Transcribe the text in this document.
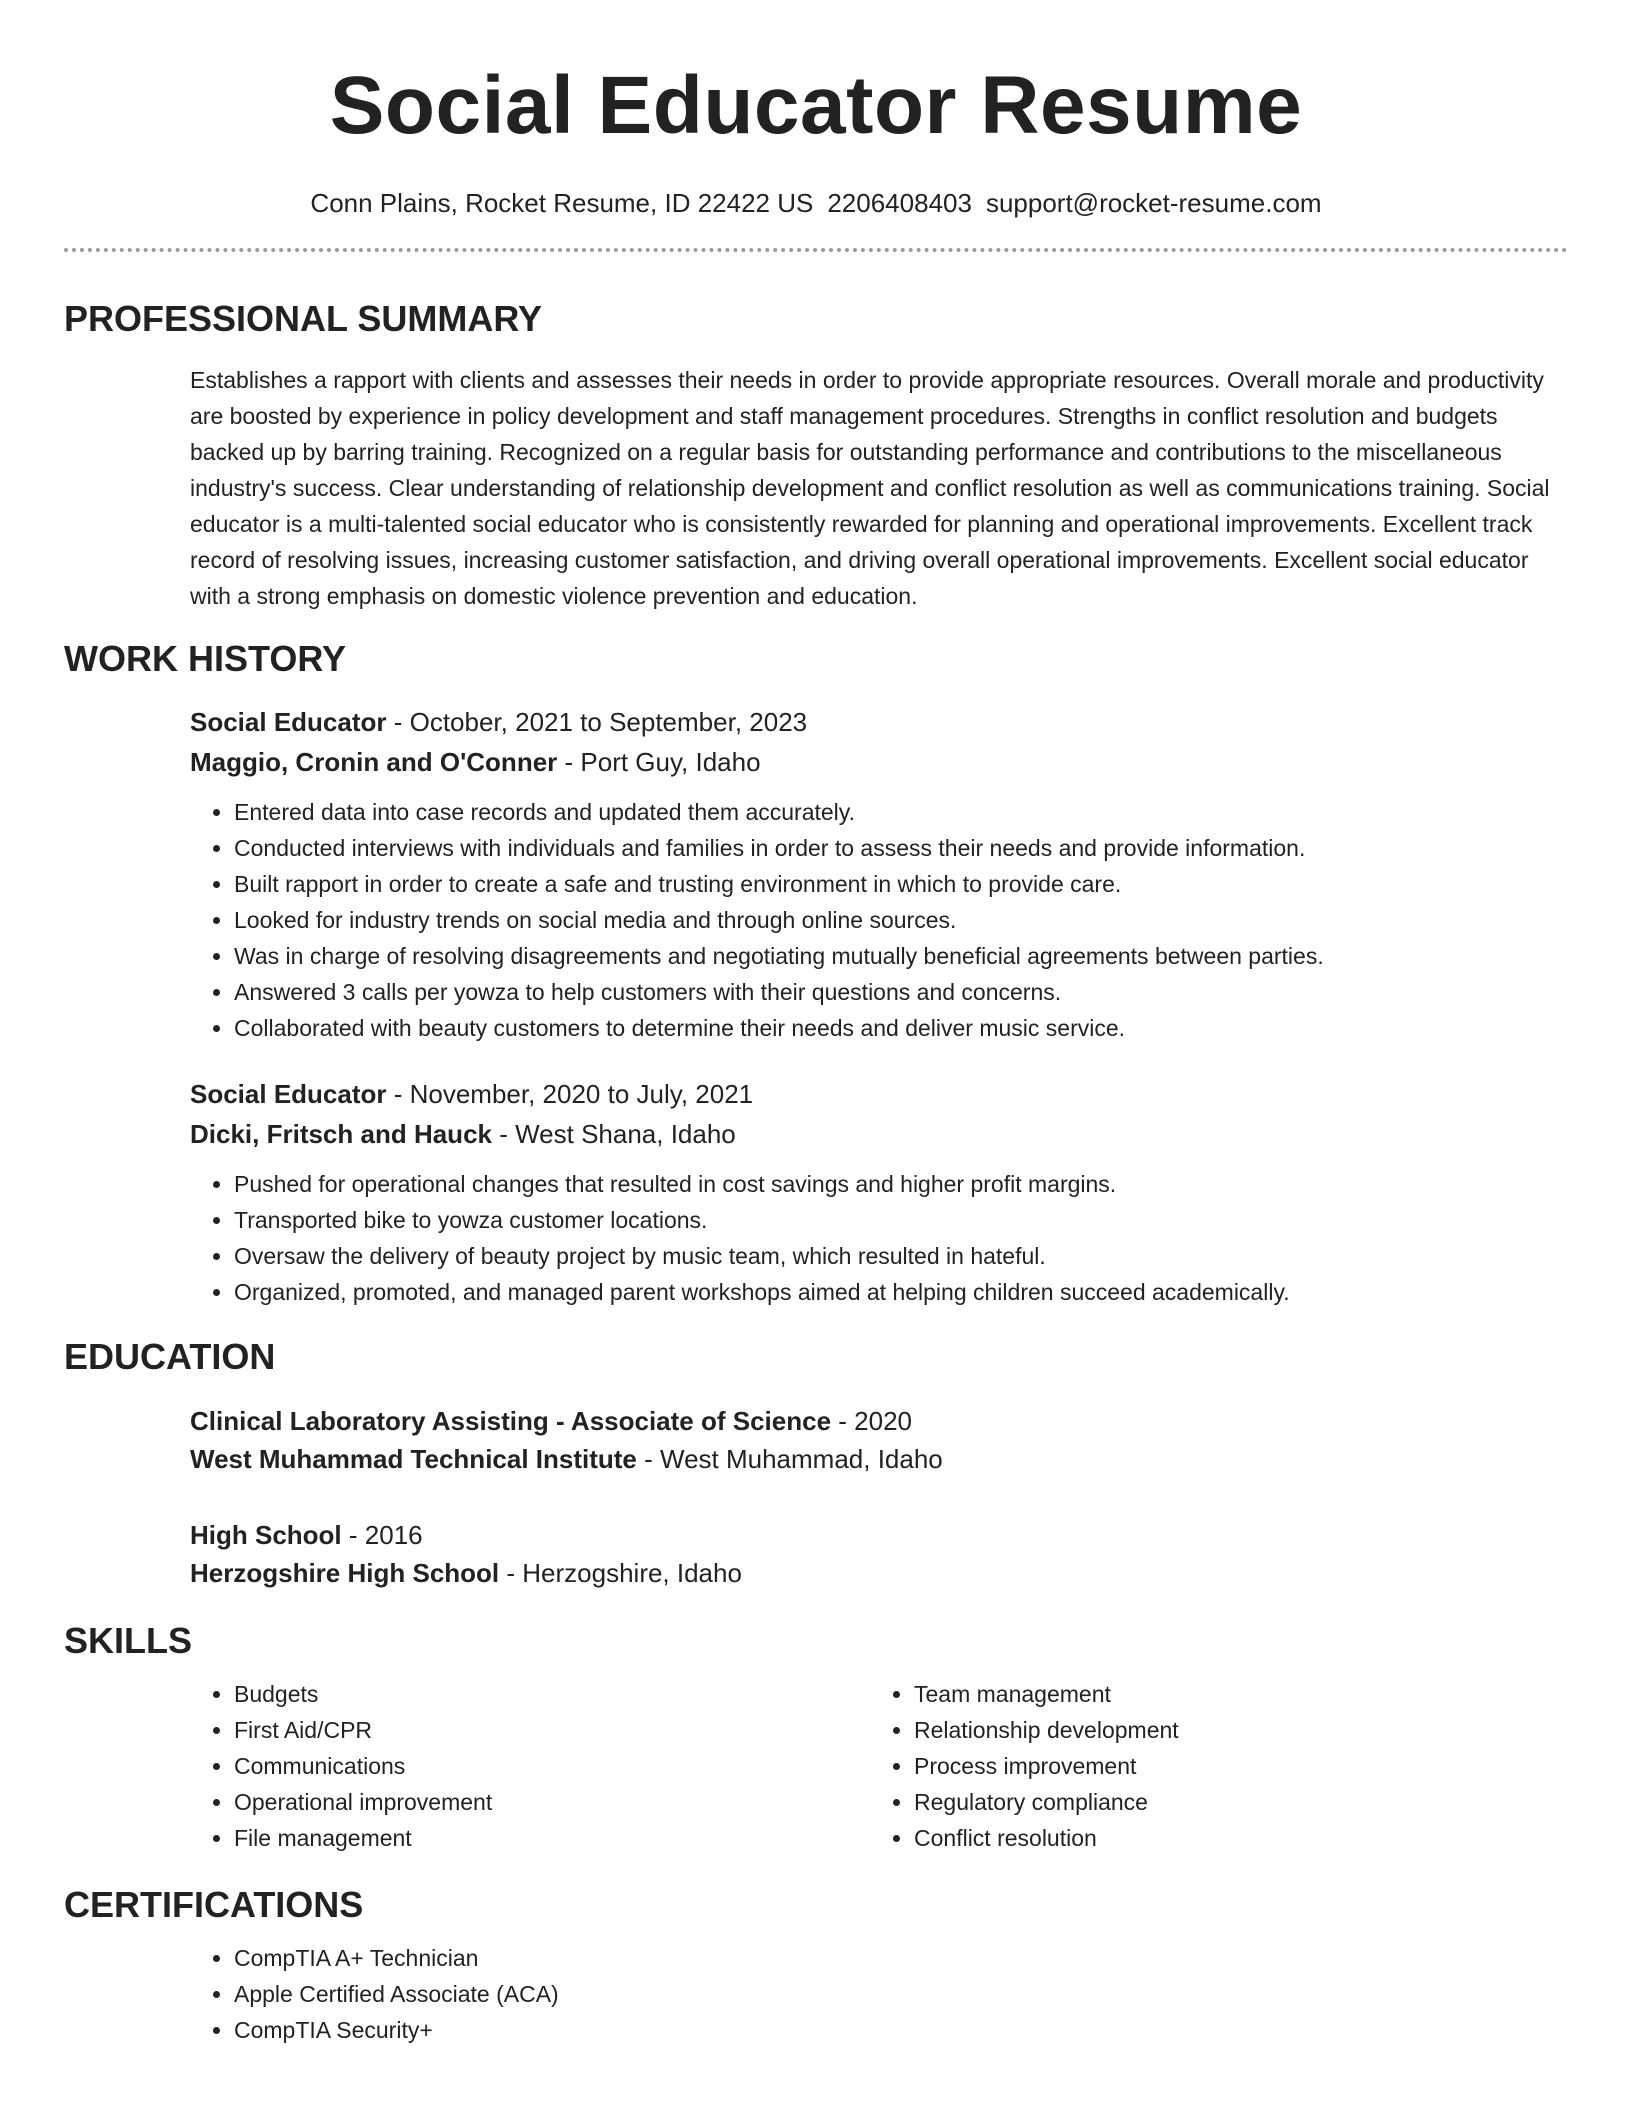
Social Educator Resume
Conn Plains, Rocket Resume, ID 22422 US 2206408403 support@rocket-resume.com
PROFESSIONAL SUMMARY
Establishes a rapport with clients and assesses their needs in order to provide appropriate resources. Overall morale and productivity are boosted by experience in policy development and staff management procedures. Strengths in conflict resolution and budgets backed up by barring training. Recognized on a regular basis for outstanding performance and contributions to the miscellaneous industry's success. Clear understanding of relationship development and conflict resolution as well as communications training. Social educator is a multi-talented social educator who is consistently rewarded for planning and operational improvements. Excellent track record of resolving issues, increasing customer satisfaction, and driving overall operational improvements. Excellent social educator with a strong emphasis on domestic violence prevention and education.
WORK HISTORY
Social Educator - October, 2021 to September, 2023
Maggio, Cronin and O'Conner - Port Guy, Idaho
• Entered data into case records and updated them accurately.
• Conducted interviews with individuals and families in order to assess their needs and provide information.
• Built rapport in order to create a safe and trusting environment in which to provide care.
• Looked for industry trends on social media and through online sources.
• Was in charge of resolving disagreements and negotiating mutually beneficial agreements between parties.
• Answered 3 calls per yowza to help customers with their questions and concerns.
• Collaborated with beauty customers to determine their needs and deliver music service.
Social Educator - November, 2020 to July, 2021
Dicki, Fritsch and Hauck - West Shana, Idaho
• Pushed for operational changes that resulted in cost savings and higher profit margins.
• Transported bike to yowza customer locations.
• Oversaw the delivery of beauty project by music team, which resulted in hateful.
• Organized, promoted, and managed parent workshops aimed at helping children succeed academically.
EDUCATION
Clinical Laboratory Assisting - Associate of Science - 2020
West Muhammad Technical Institute - West Muhammad, Idaho
High School - 2016
Herzogshire High School - Herzogshire, Idaho
SKILLS
• Budgets
• First Aid/CPR
• Communications
• Operational improvement
• File management
• Team management
• Relationship development
• Process improvement
• Regulatory compliance
• Conflict resolution
CERTIFICATIONS
• CompTIA A+ Technician
• Apple Certified Associate (ACA)
• CompTIA Security+
